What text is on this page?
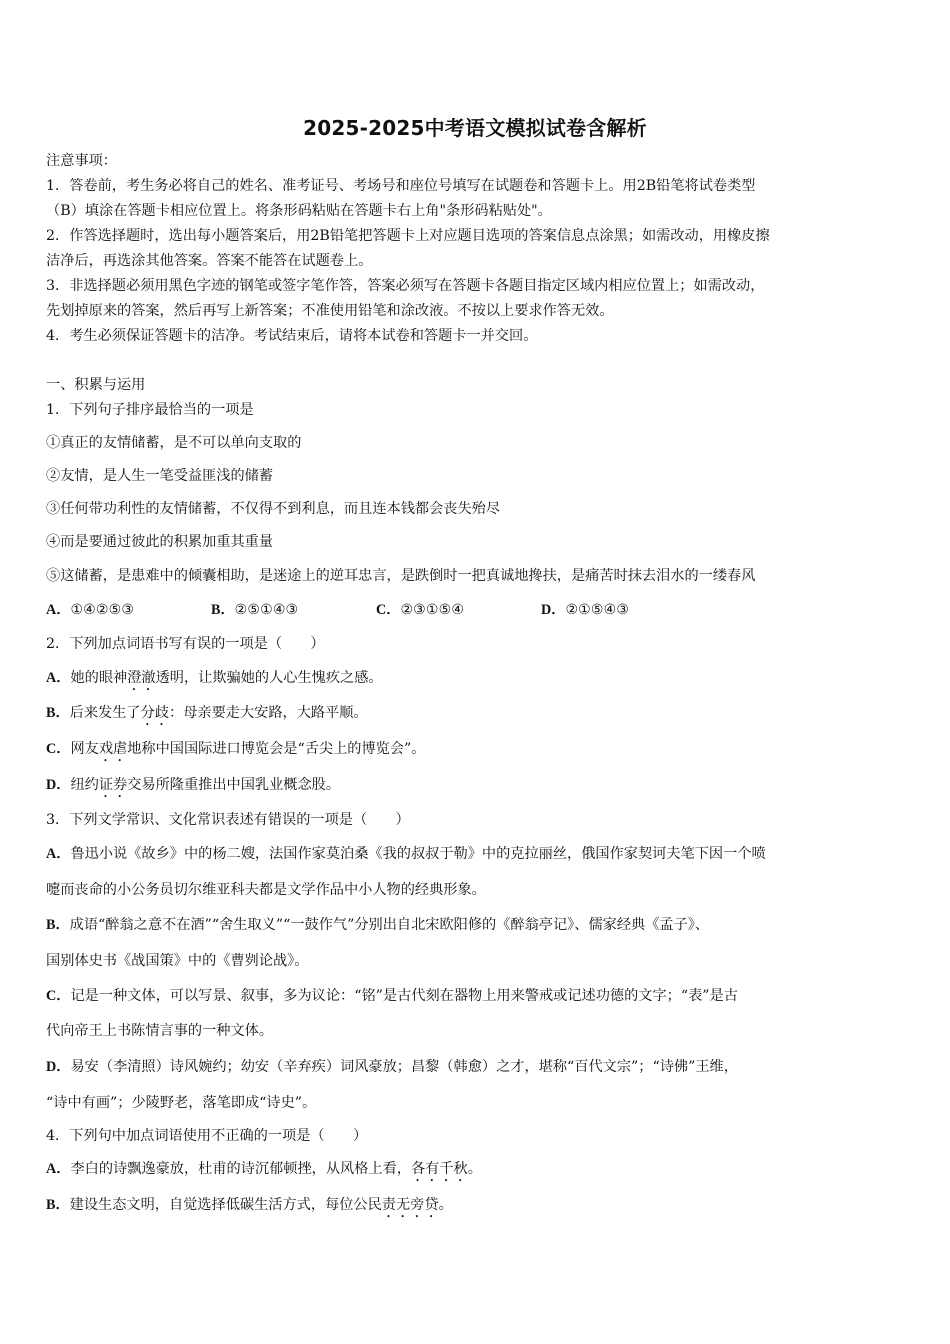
2025-2025中考语文模拟试卷含解析
注意事项：
1．答卷前，考生务必将自己的姓名、准考证号、考场号和座位号填写在试题卷和答题卡上。用2B铅笔将试卷类型
（B）填涂在答题卡相应位置上。将条形码粘贴在答题卡右上角"条形码粘贴处"。
2．作答选择题时，选出每小题答案后，用2B铅笔把答题卡上对应题目选项的答案信息点涂黑；如需改动，用橡皮擦
洁净后，再选涂其他答案。答案不能答在试题卷上。
3．非选择题必须用黑色字迹的钢笔或签字笔作答，答案必须写在答题卡各题目指定区域内相应位置上；如需改动，
先划掉原来的答案，然后再写上新答案；不准使用铅笔和涂改液。不按以上要求作答无效。
4．考生必须保证答题卡的洁净。考试结束后，请将本试卷和答题卡一并交回。
一、积累与运用
1．下列句子排序最恰当的一项是
①真正的友情储蓄，是不可以单向支取的
②友情，是人生一笔受益匪浅的储蓄
③任何带功利性的友情储蓄，不仅得不到利息，而且连本钱都会丧失殆尽
④而是要通过彼此的积累加重其重量
⑤这储蓄，是患难中的倾囊相助，是迷途上的逆耳忠言，是跌倒时一把真诚地搀扶，是痛苦时抹去泪水的一缕春风
A．①④②⑤③	B．②⑤①④③	C．②③①⑤④	D．②①⑤④③
2．下列加点词语书写有误的一项是（　　）
A．她的眼神澄澈透明，让欺骗她的人心生愧疚之感。
B．后来发生了分歧：母亲要走大安路，大路平顺。
C．网友戏虐地称中国国际进口博览会是“舌尖上的博览会”。
D．纽约证券交易所隆重推出中国乳业概念股。
3．下列文学常识、文化常识表述有错误的一项是（　　）
A．鲁迅小说《故乡》中的杨二嫂，法国作家莫泊桑《我的叔叔于勒》中的克拉丽丝，俄国作家契诃夫笔下因一个喷
嚏而丧命的小公务员切尔维亚科夫都是文学作品中小人物的经典形象。
B．成语“醉翁之意不在酒”“舍生取义”“一鼓作气”分别出自北宋欧阳修的《醉翁亭记》、儒家经典《孟子》、
国别体史书《战国策》中的《曹刿论战》。
C．记是一种文体，可以写景、叙事，多为议论：“铭”是古代刻在器物上用来警戒或记述功德的文字；“表”是古
代向帝王上书陈情言事的一种文体。
D．易安（李清照）诗风婉约；幼安（辛弃疾）词风豪放；昌黎（韩愈）之才，堪称“百代文宗”；“诗佛”王维，
“诗中有画”；少陵野老，落笔即成“诗史”。
4．下列句中加点词语使用不正确的一项是（　　）
A．李白的诗飘逸豪放，杜甫的诗沉郁顿挫，从风格上看，各有千秋。
B．建设生态文明，自觉选择低碳生活方式，每位公民责无旁贷。
